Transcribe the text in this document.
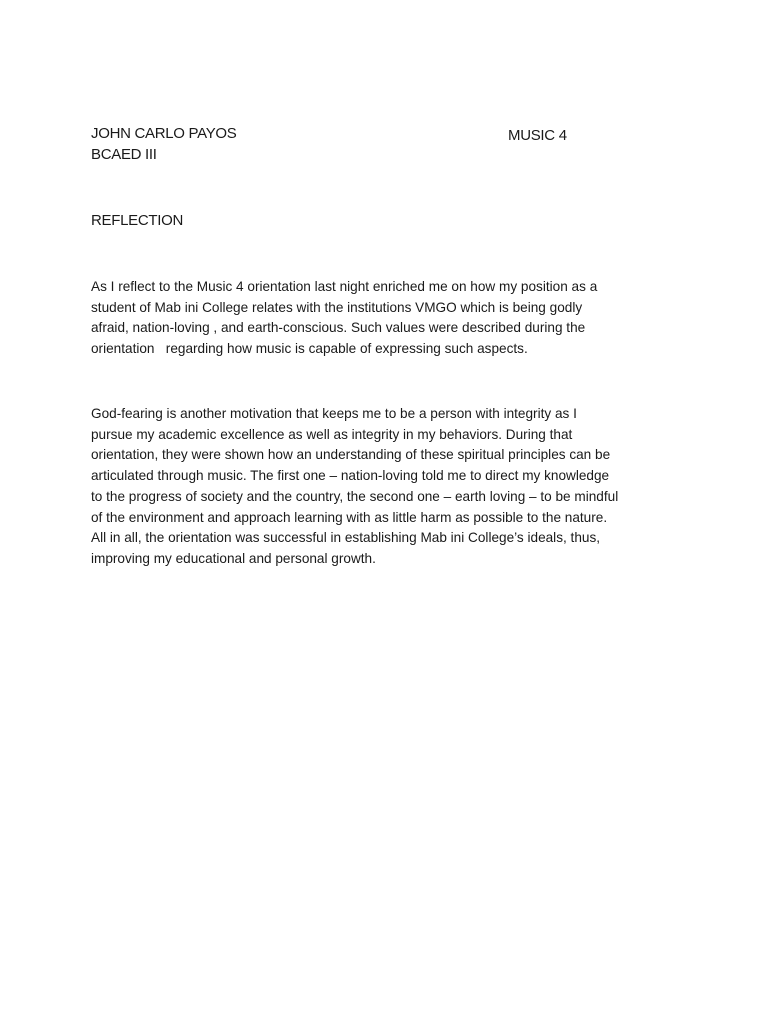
JOHN CARLO PAYOS
BCAED III
MUSIC 4
REFLECTION
As I reflect to the Music 4 orientation last night enriched me on how my position as a
student of Mab ini College relates with the institutions VMGO which is being godly
afraid, nation-loving , and earth-conscious. Such values were described during the
orientation   regarding how music is capable of expressing such aspects.
God-fearing is another motivation that keeps me to be a person with integrity as I
pursue my academic excellence as well as integrity in my behaviors. During that
orientation, they were shown how an understanding of these spiritual principles can be
articulated through music. The first one – nation-loving told me to direct my knowledge
to the progress of society and the country, the second one – earth loving – to be mindful
of the environment and approach learning with as little harm as possible to the nature.
All in all, the orientation was successful in establishing Mab ini College’s ideals, thus,
improving my educational and personal growth.
